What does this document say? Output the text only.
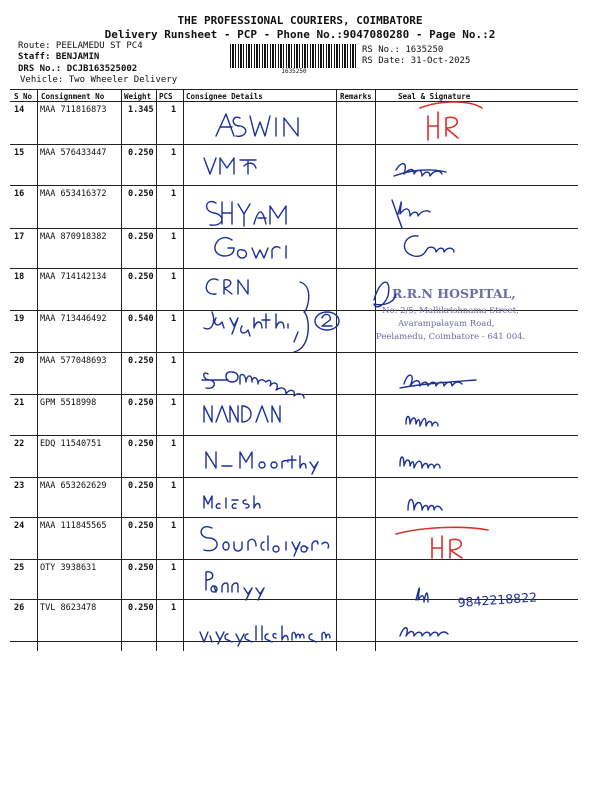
THE PROFESSIONAL COURIERS, COIMBATORE
Delivery Runsheet - PCP - Phone No.:9047080280 - Page No.:2
Route: PEELAMEDU ST PC4
Staff: BENJAMIN
DRS No.: DCJB163525002
Vehicle: Two Wheeler Delivery
RS No.: 1635250
RS Date: 31-Oct-2025
1635250
S No Consignment No	Weight PCS Consignee Details	Remarks	Seal & Signature
14 MAA 711816873	1.345 1
15 MAA 576433447	0.250 1
16 MAA 653416372	0.250 1
17 MAA 870918382	0.250 1
18 MAA 714142134	0.250 1
19 MAA 713446492	0.540 1
20 MAA 577048693	0.250 1
21 GPM 5518998	0.250 1
22 EDQ 11540751	0.250 1
23 MAA 653262629	0.250 1
24 MAA 111845565	0.250 1
25 OTY 3938631	0.250 1
26 TVL 8623478	0.250 1
R.R.N HOSPITAL,
No: 2/5, Mallikrishnama Street,
Avarampalayam Road,
Peelamedu, Coimbatore - 641 004.
9842218822
